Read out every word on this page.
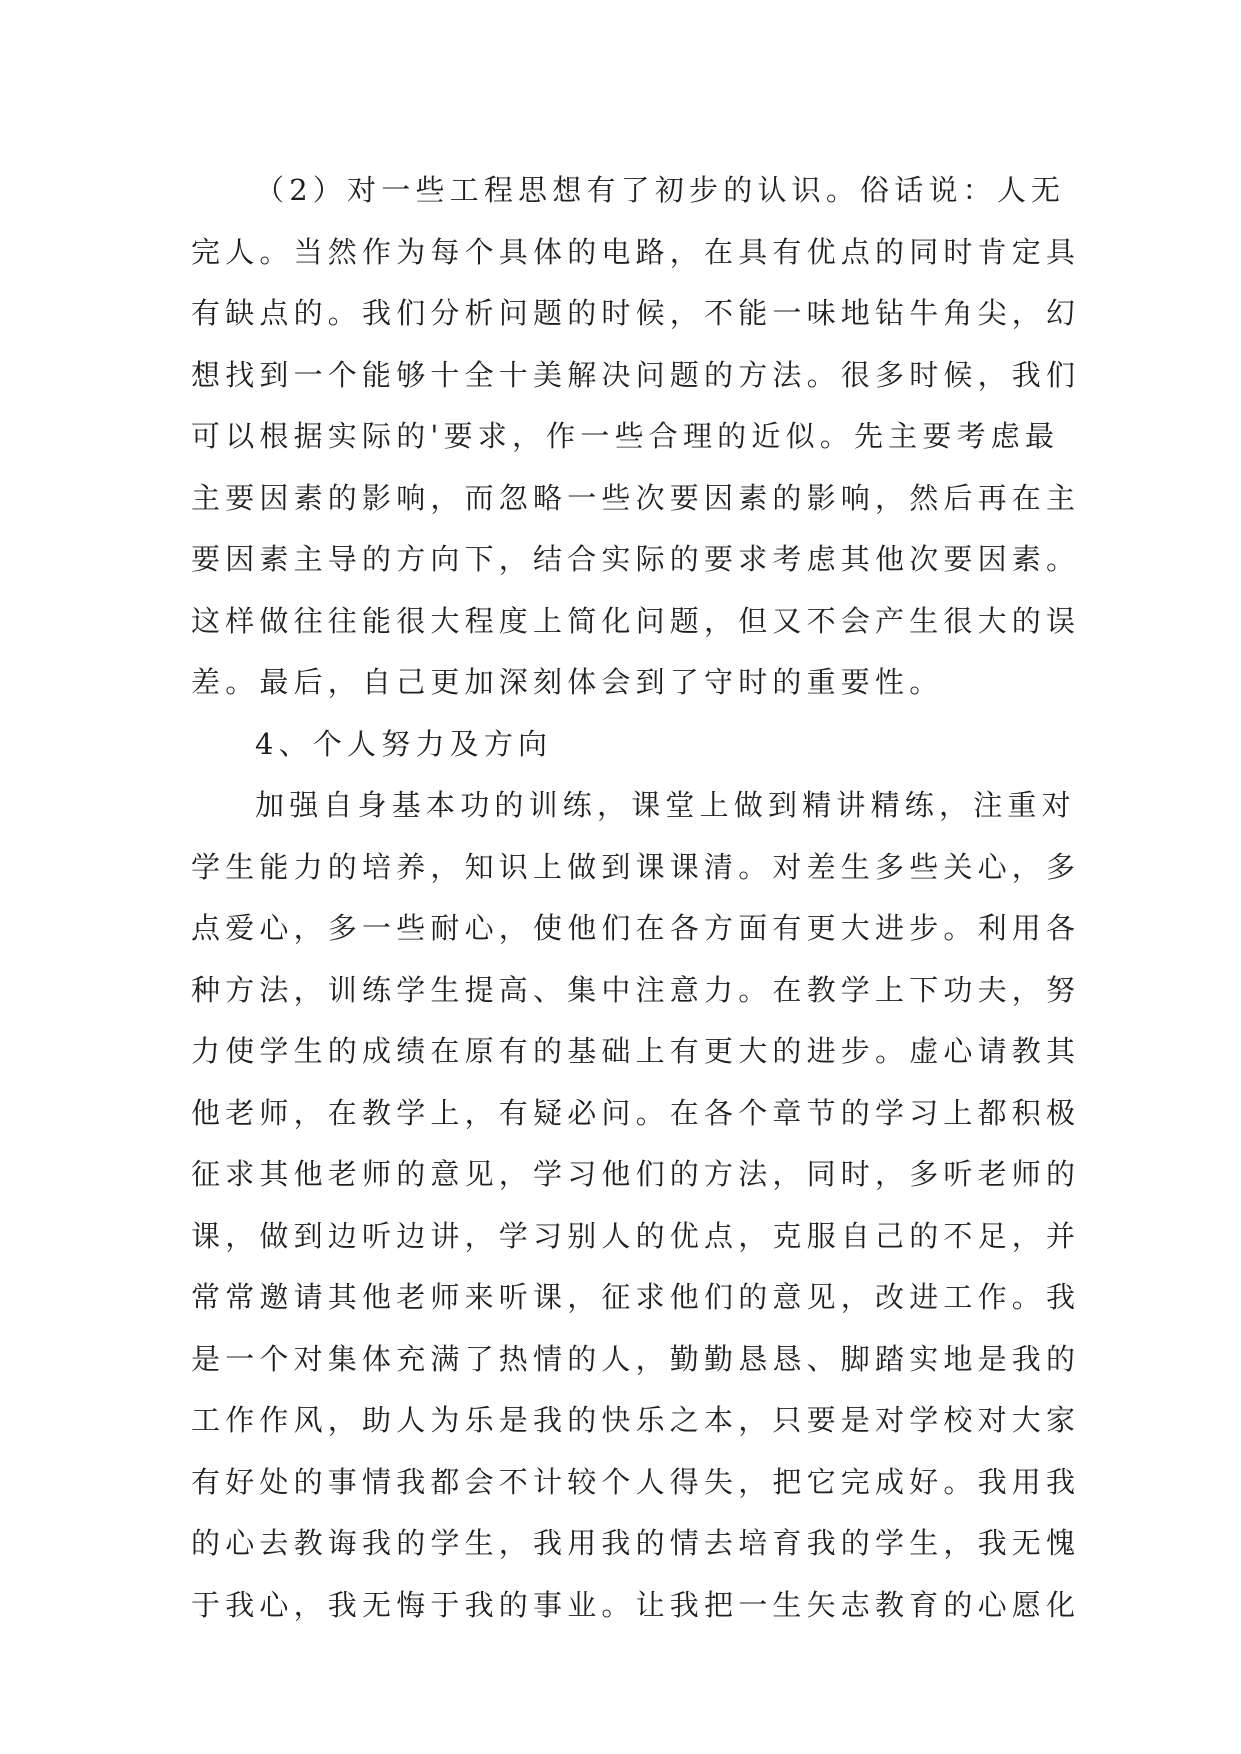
（2）对一些工程思想有了初步的认识。俗话说：人无
完人。当然作为每个具体的电路，在具有优点的同时肯定具
有缺点的。我们分析问题的时候，不能一味地钻牛角尖，幻
想找到一个能够十全十美解决问题的方法。很多时候，我们
可以根据实际的'要求，作一些合理的近似。先主要考虑最
主要因素的影响，而忽略一些次要因素的影响，然后再在主
要因素主导的方向下，结合实际的要求考虑其他次要因素。
这样做往往能很大程度上简化问题，但又不会产生很大的误
差。最后，自己更加深刻体会到了守时的重要性。
4、个人努力及方向
加强自身基本功的训练，课堂上做到精讲精练，注重对
学生能力的培养，知识上做到课课清。对差生多些关心，多
点爱心，多一些耐心，使他们在各方面有更大进步。利用各
种方法，训练学生提高、集中注意力。在教学上下功夫，努
力使学生的成绩在原有的基础上有更大的进步。虚心请教其
他老师，在教学上，有疑必问。在各个章节的学习上都积极
征求其他老师的意见，学习他们的方法，同时，多听老师的
课，做到边听边讲，学习别人的优点，克服自己的不足，并
常常邀请其他老师来听课，征求他们的意见，改进工作。我
是一个对集体充满了热情的人，勤勤恳恳、脚踏实地是我的
工作作风，助人为乐是我的快乐之本，只要是对学校对大家
有好处的事情我都会不计较个人得失，把它完成好。我用我
的心去教诲我的学生，我用我的情去培育我的学生，我无愧
于我心，我无悔于我的事业。让我把一生矢志教育的心愿化
